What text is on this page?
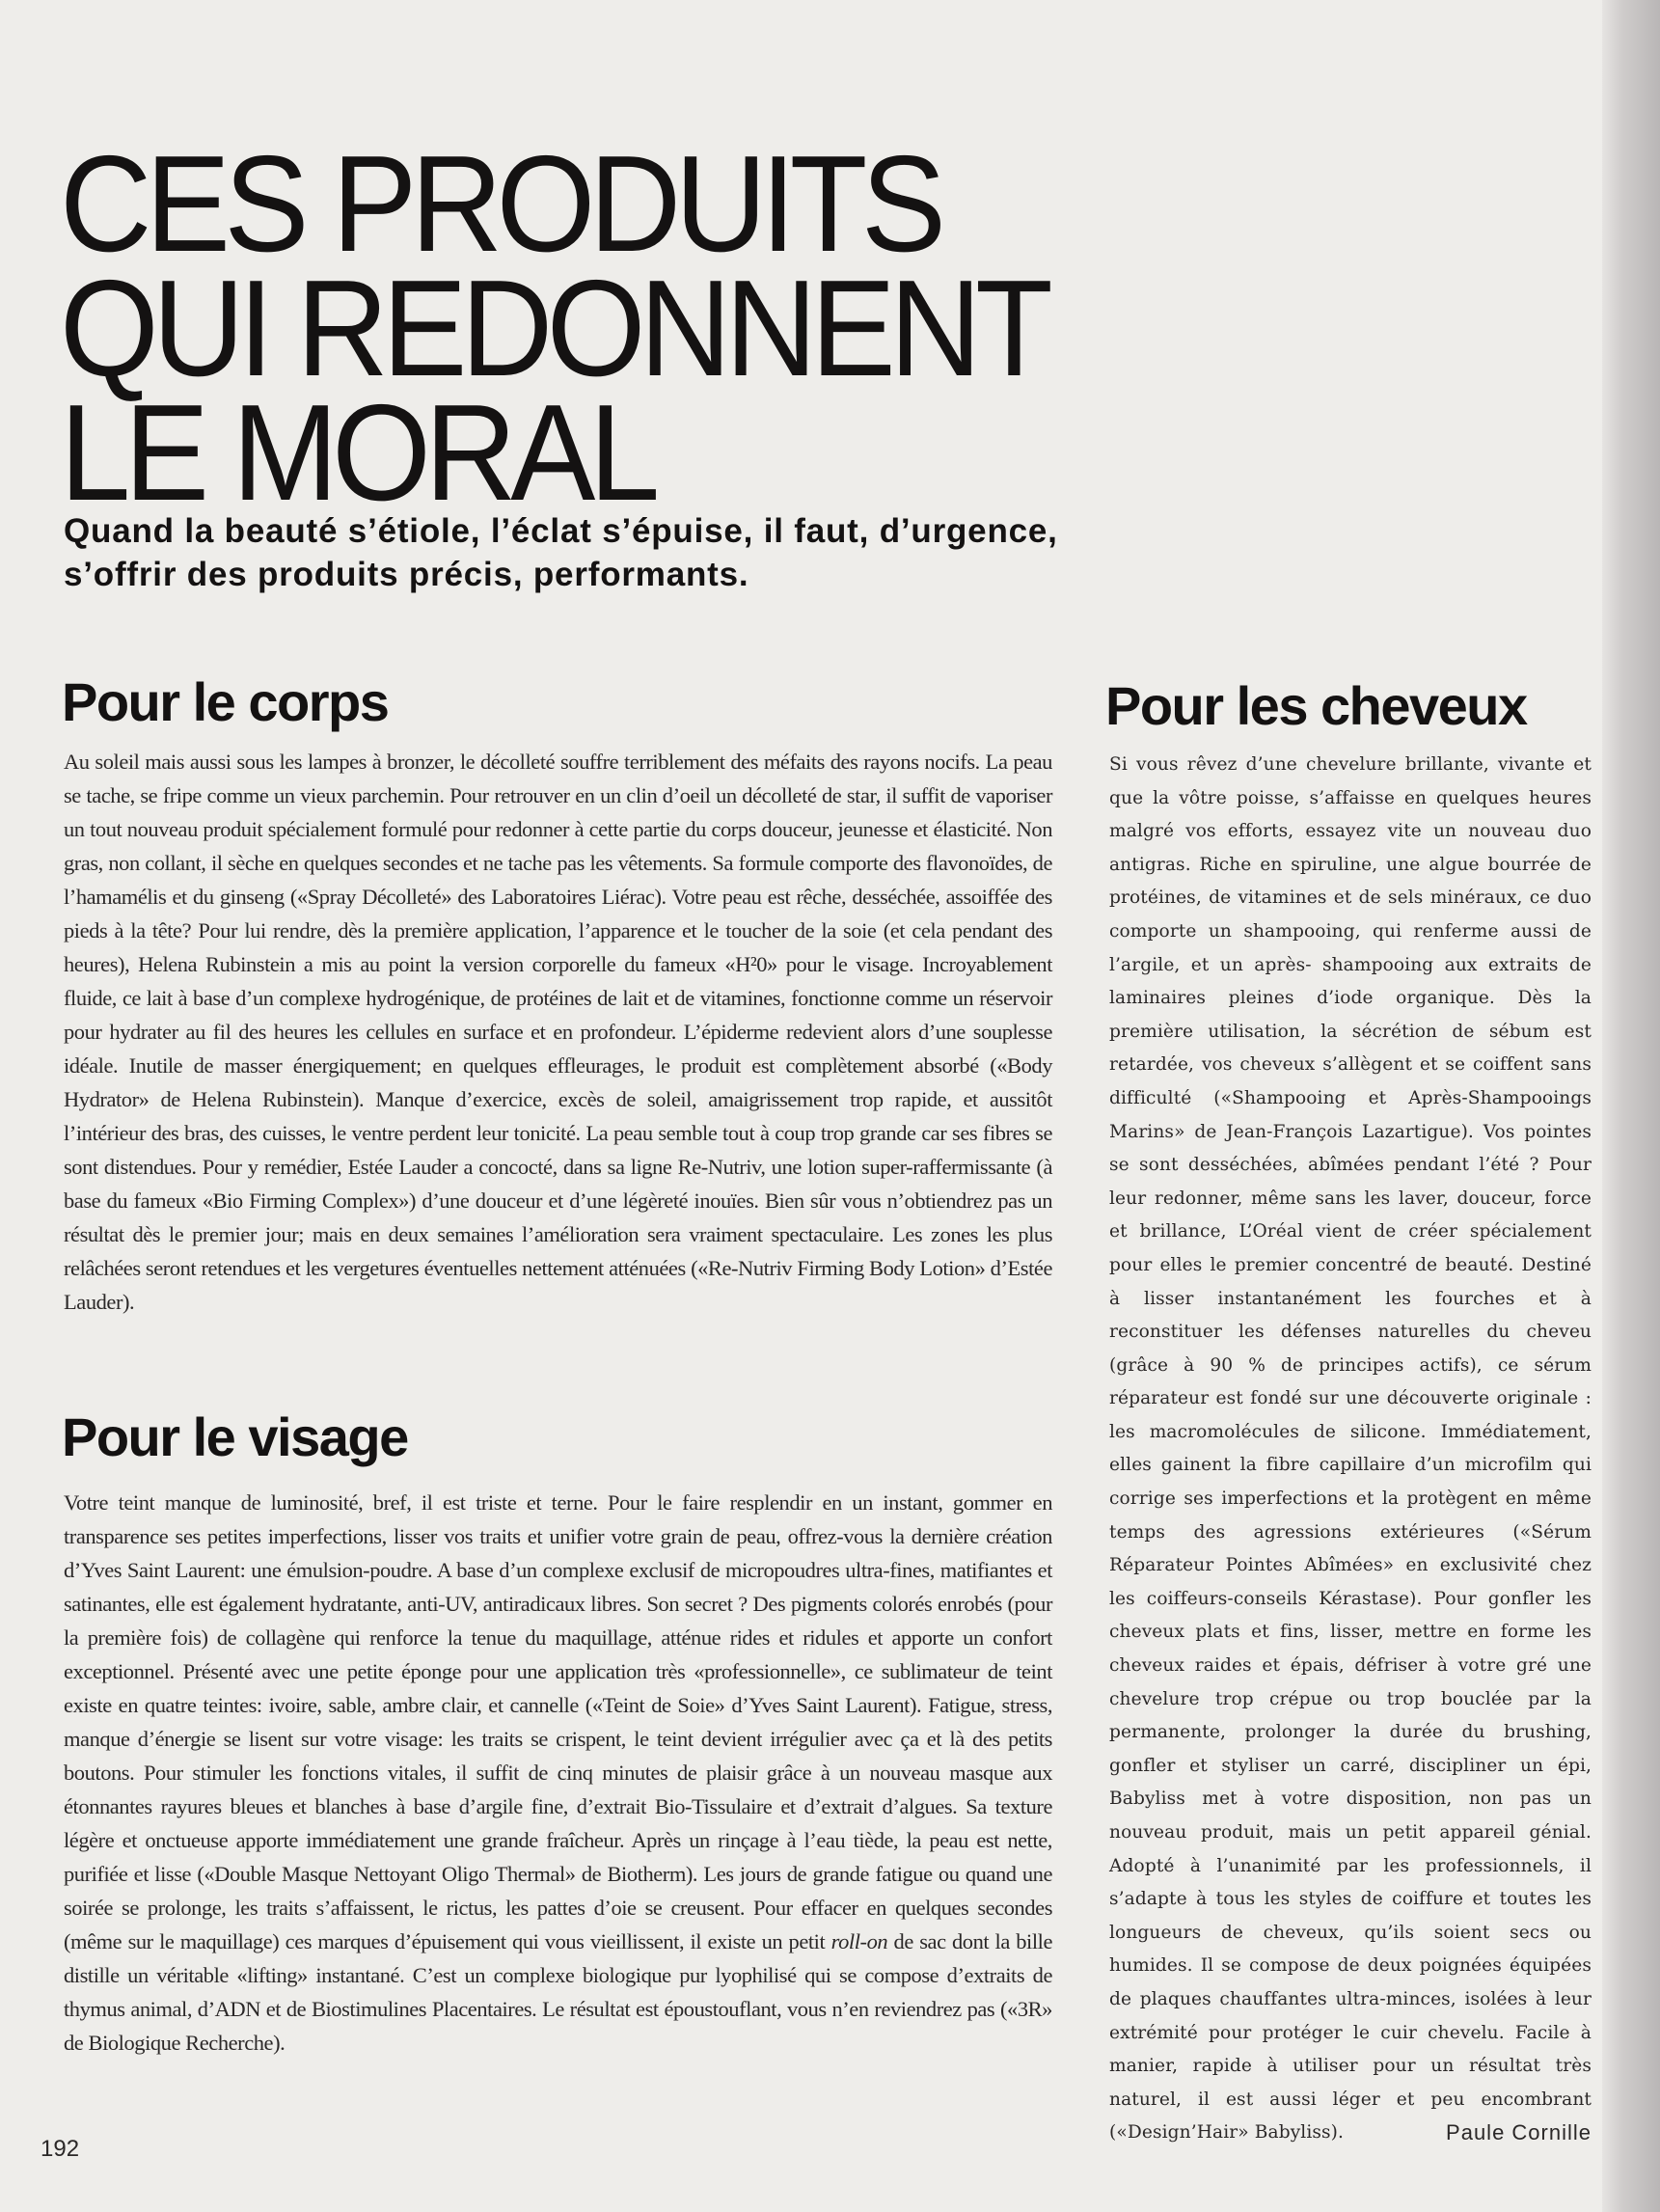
CES PRODUITS
QUI REDONNENT
LE MORAL
Quand la beauté s’étiole, l’éclat s’épuise, il faut, d’urgence, s’offrir des produits précis, performants.
Pour le corps

Au soleil mais aussi sous les lampes à bronzer, le décolleté souffre terriblement des méfaits des rayons nocifs. La peau se tache, se fripe comme un vieux parchemin. Pour retrouver en un clin d’oeil un décolleté de star, il suffit de vaporiser un tout nouveau produit spécialement formulé pour redonner à cette partie du corps douceur, jeunesse et élasticité. Non gras, non collant, il sèche en quelques secondes et ne tache pas les vêtements. Sa formule comporte des flavonoïdes, de l’hamamélis et du ginseng («Spray Décolleté» des Laboratoires Liérac). Votre peau est rêche, desséchée, assoiffée des pieds à la tête? Pour lui rendre, dès la première application, l’apparence et le toucher de la soie (et cela pendant des heures), Helena Rubinstein a mis au point la version corporelle du fameux «H²0» pour le visage. Incroyablement fluide, ce lait à base d’un complexe hydrogénique, de protéines de lait et de vitamines, fonctionne comme un réservoir pour hydrater au fil des heures les cellules en surface et en profondeur. L’épiderme redevient alors d’une souplesse idéale. Inutile de masser énergiquement; en quelques effleurages, le produit est complètement absorbé («Body Hydrator» de Helena Rubinstein). Manque d’exercice, excès de soleil, amaigrissement trop rapide, et aussitôt l’intérieur des bras, des cuisses, le ventre perdent leur tonicité. La peau semble tout à coup trop grande car ses fibres se sont distendues. Pour y remédier, Estée Lauder a concocté, dans sa ligne Re-Nutriv, une lotion super-raffermissante (à base du fameux «Bio Firming Complex») d’une douceur et d’une légèreté inouïes. Bien sûr vous n’obtiendrez pas un résultat dès le premier jour; mais en deux semaines l’amélioration sera vraiment spectaculaire. Les zones les plus relâchées seront retendues et les vergetures éventuelles nettement atténuées («Re-Nutriv Firming Body Lotion» d’Estée Lauder).

Pour le visage

Votre teint manque de luminosité, bref, il est triste et terne. Pour le faire resplendir en un instant, gommer en transparence ses petites imperfections, lisser vos traits et unifier votre grain de peau, offrez-vous la dernière création d’Yves Saint Laurent: une émulsion-poudre. A base d’un complexe exclusif de micropoudres ultra-fines, matifiantes et satinantes, elle est également hydratante, anti-UV, antiradicaux libres. Son secret ? Des pigments colorés enrobés (pour la première fois) de collagène qui renforce la tenue du maquillage, atténue rides et ridules et apporte un confort exceptionnel. Présenté avec une petite éponge pour une application très «professionnelle», ce sublimateur de teint existe en quatre teintes: ivoire, sable, ambre clair, et cannelle («Teint de Soie» d’Yves Saint Laurent). Fatigue, stress, manque d’énergie se lisent sur votre visage: les traits se crispent, le teint devient irrégulier avec ça et là des petits boutons. Pour stimuler les fonctions vitales, il suffit de cinq minutes de plaisir grâce à un nouveau masque aux étonnantes rayures bleues et blanches à base d’argile fine, d’extrait Bio-Tissulaire et d’extrait d’algues. Sa texture légère et onctueuse apporte immédiatement une grande fraîcheur. Après un rinçage à l’eau tiède, la peau est nette, purifiée et lisse («Double Masque Nettoyant Oligo Thermal» de Biotherm). Les jours de grande fatigue ou quand une soirée se prolonge, les traits s’affaissent, le rictus, les pattes d’oie se creusent. Pour effacer en quelques secondes (même sur le maquillage) ces marques d’épuisement qui vous vieillissent, il existe un petit roll-on de sac dont la bille distille un véritable «lifting» instantané. C’est un complexe biologique pur lyophilisé qui se compose d’extraits de thymus animal, d’ADN et de Biostimulines Placentaires. Le résultat est époustouflant, vous n’en reviendrez pas («3R» de Biologique Recherche).

Pour les cheveux

Si vous rêvez d’une chevelure brillante, vivante et que la vôtre poisse, s’affaisse en quelques heures malgré vos efforts, essayez vite un nouveau duo antigras. Riche en spiruline, une algue bourrée de protéines, de vitamines et de sels minéraux, ce duo comporte un shampooing, qui renferme aussi de l’argile, et un après- shampooing aux extraits de laminaires pleines d’iode organique. Dès la première utilisation, la sécrétion de sébum est retardée, vos cheveux s’allègent et se coiffent sans difficulté («Shampooing et Après-Shampooings Marins» de Jean-François Lazartigue). Vos pointes se sont desséchées, abîmées pendant l’été ? Pour leur redonner, même sans les laver, douceur, force et brillance, L’Oréal vient de créer spécialement pour elles le premier concentré de beauté. Destiné à lisser instantanément les fourches et à reconstituer les défenses naturelles du cheveu (grâce à 90 % de principes actifs), ce sérum réparateur est fondé sur une découverte originale : les macromolécules de silicone. Immédiatement, elles gainent la fibre capillaire d’un microfilm qui corrige ses imperfections et la protègent en même temps des agressions extérieures («Sérum Réparateur Pointes Abîmées» en exclusivité chez les coiffeurs-conseils Kérastase). Pour gonfler les cheveux plats et fins, lisser, mettre en forme les cheveux raides et épais, défriser à votre gré une chevelure trop crépue ou trop bouclée par la permanente, prolonger la durée du brushing, gonfler et styliser un carré, discipliner un épi, Babyliss met à votre disposition, non pas un nouveau produit, mais un petit appareil génial. Adopté à l’unanimité par les professionnels, il s’adapte à tous les styles de coiffure et toutes les longueurs de cheveux, qu’ils soient secs ou humides. Il se compose de deux poignées équipées de plaques chauffantes ultra-minces, isolées à leur extrémité pour protéger le cuir chevelu. Facile à manier, rapide à utiliser pour un résultat très naturel, il est aussi léger et peu encombrant («Design’Hair» Babyliss).	Paule Cornille

192
